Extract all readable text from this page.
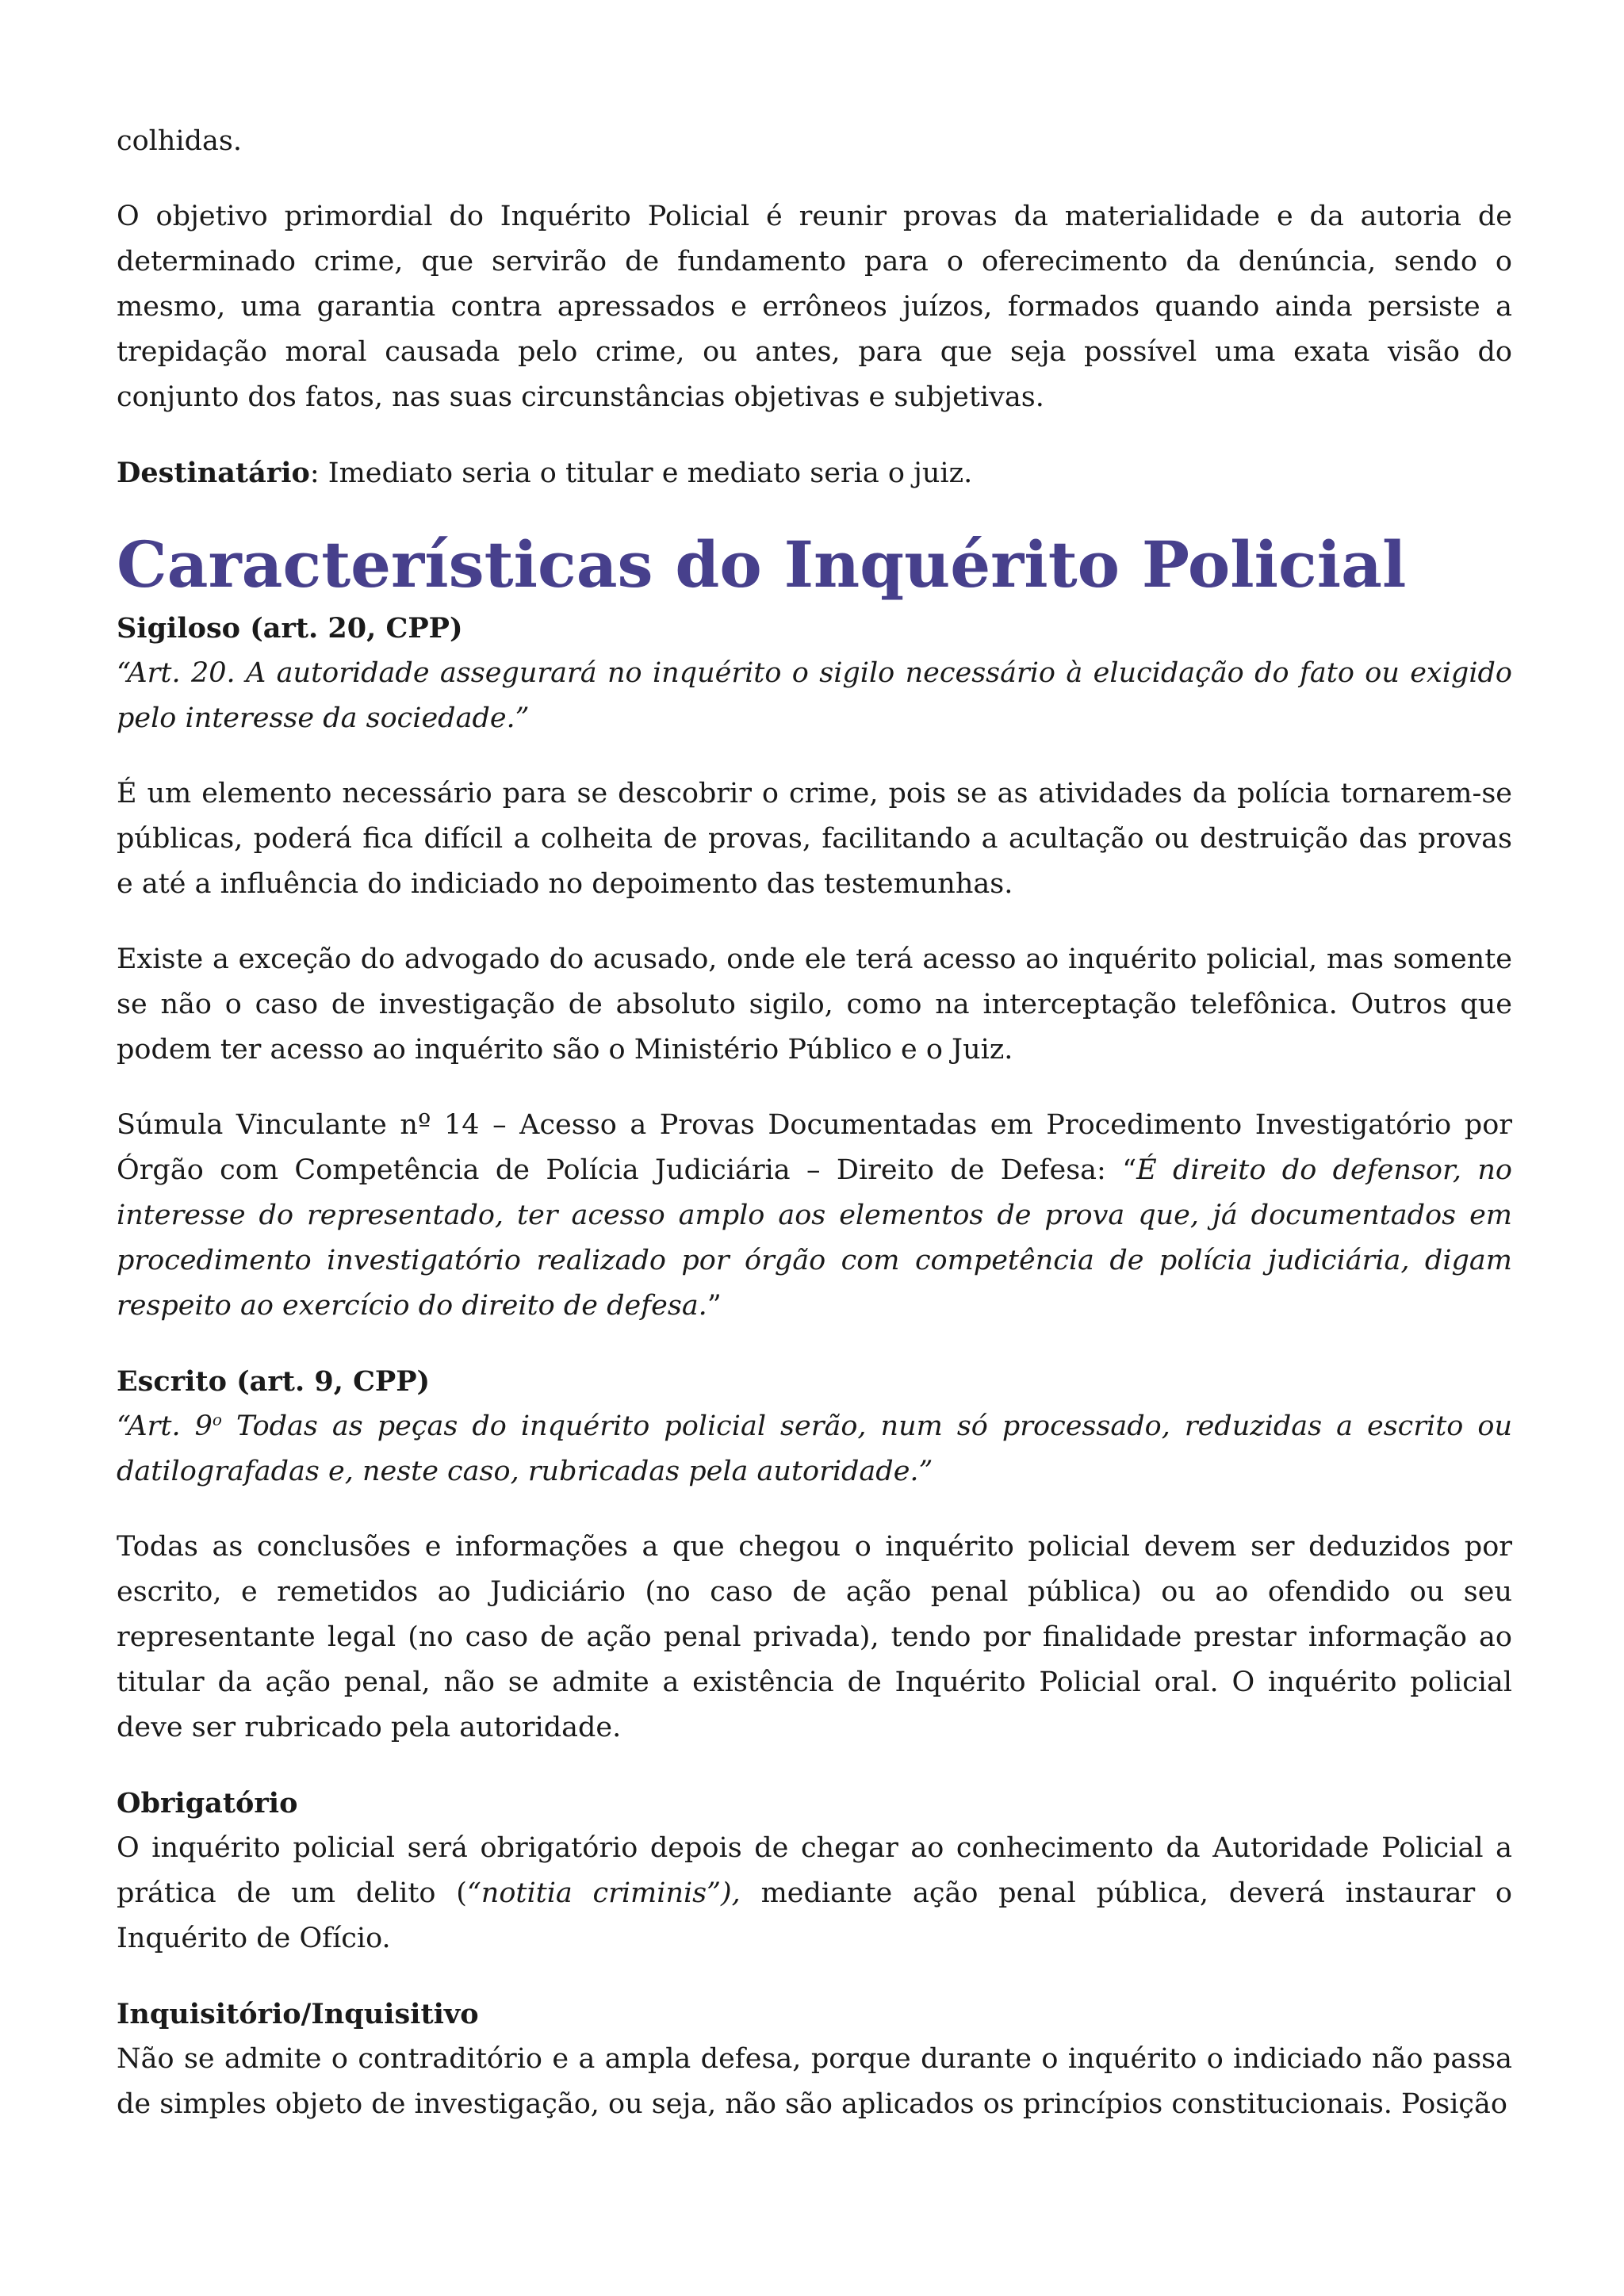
colhidas.

O objetivo primordial do Inquérito Policial é reunir provas da materialidade e da autoria de determinado crime, que servirão de fundamento para o oferecimento da denúncia, sendo o mesmo, uma garantia contra apressados e errôneos juízos, formados quando ainda persiste a trepidação moral causada pelo crime, ou antes, para que seja possível uma exata visão do conjunto dos fatos, nas suas circunstâncias objetivas e subjetivas.

Destinatário: Imediato seria o titular e mediato seria o juiz.

Características do Inquérito Policial

Sigiloso (art. 20, CPP)
“Art. 20. A autoridade assegurará no inquérito o sigilo necessário à elucidação do fato ou exigido pelo interesse da sociedade.”

É um elemento necessário para se descobrir o crime, pois se as atividades da polícia tornarem-se públicas, poderá fica difícil a colheita de provas, facilitando a acultação ou destruição das provas e até a influência do indiciado no depoimento das testemunhas.

Existe a exceção do advogado do acusado, onde ele terá acesso ao inquérito policial, mas somente se não o caso de investigação de absoluto sigilo, como na interceptação telefônica. Outros que podem ter acesso ao inquérito são o Ministério Público e o Juiz.

Súmula Vinculante nº 14 – Acesso a Provas Documentadas em Procedimento Investigatório por Órgão com Competência de Polícia Judiciária – Direito de Defesa: “É direito do defensor, no interesse do representado, ter acesso amplo aos elementos de prova que, já documentados em procedimento investigatório realizado por órgão com competência de polícia judiciária, digam respeito ao exercício do direito de defesa.”

Escrito (art. 9, CPP)
“Art. 9$^o$ Todas as peças do inquérito policial serão, num só processado, reduzidas a escrito ou datilografadas e, neste caso, rubricadas pela autoridade.”

Todas as conclusões e informações a que chegou o inquérito policial devem ser deduzidos por escrito, e remetidos ao Judiciário (no caso de ação penal pública) ou ao ofendido ou seu representante legal (no caso de ação penal privada), tendo por finalidade prestar informação ao titular da ação penal, não se admite a existência de Inquérito Policial oral. O inquérito policial deve ser rubricado pela autoridade.

Obrigatório
O inquérito policial será obrigatório depois de chegar ao conhecimento da Autoridade Policial a prática de um delito (“notitia criminis”), mediante ação penal pública, deverá instaurar o Inquérito de Ofício.

Inquisitório/Inquisitivo
Não se admite o contraditório e a ampla defesa, porque durante o inquérito o indiciado não passa de simples objeto de investigação, ou seja, não são aplicados os princípios constitucionais. Posição
